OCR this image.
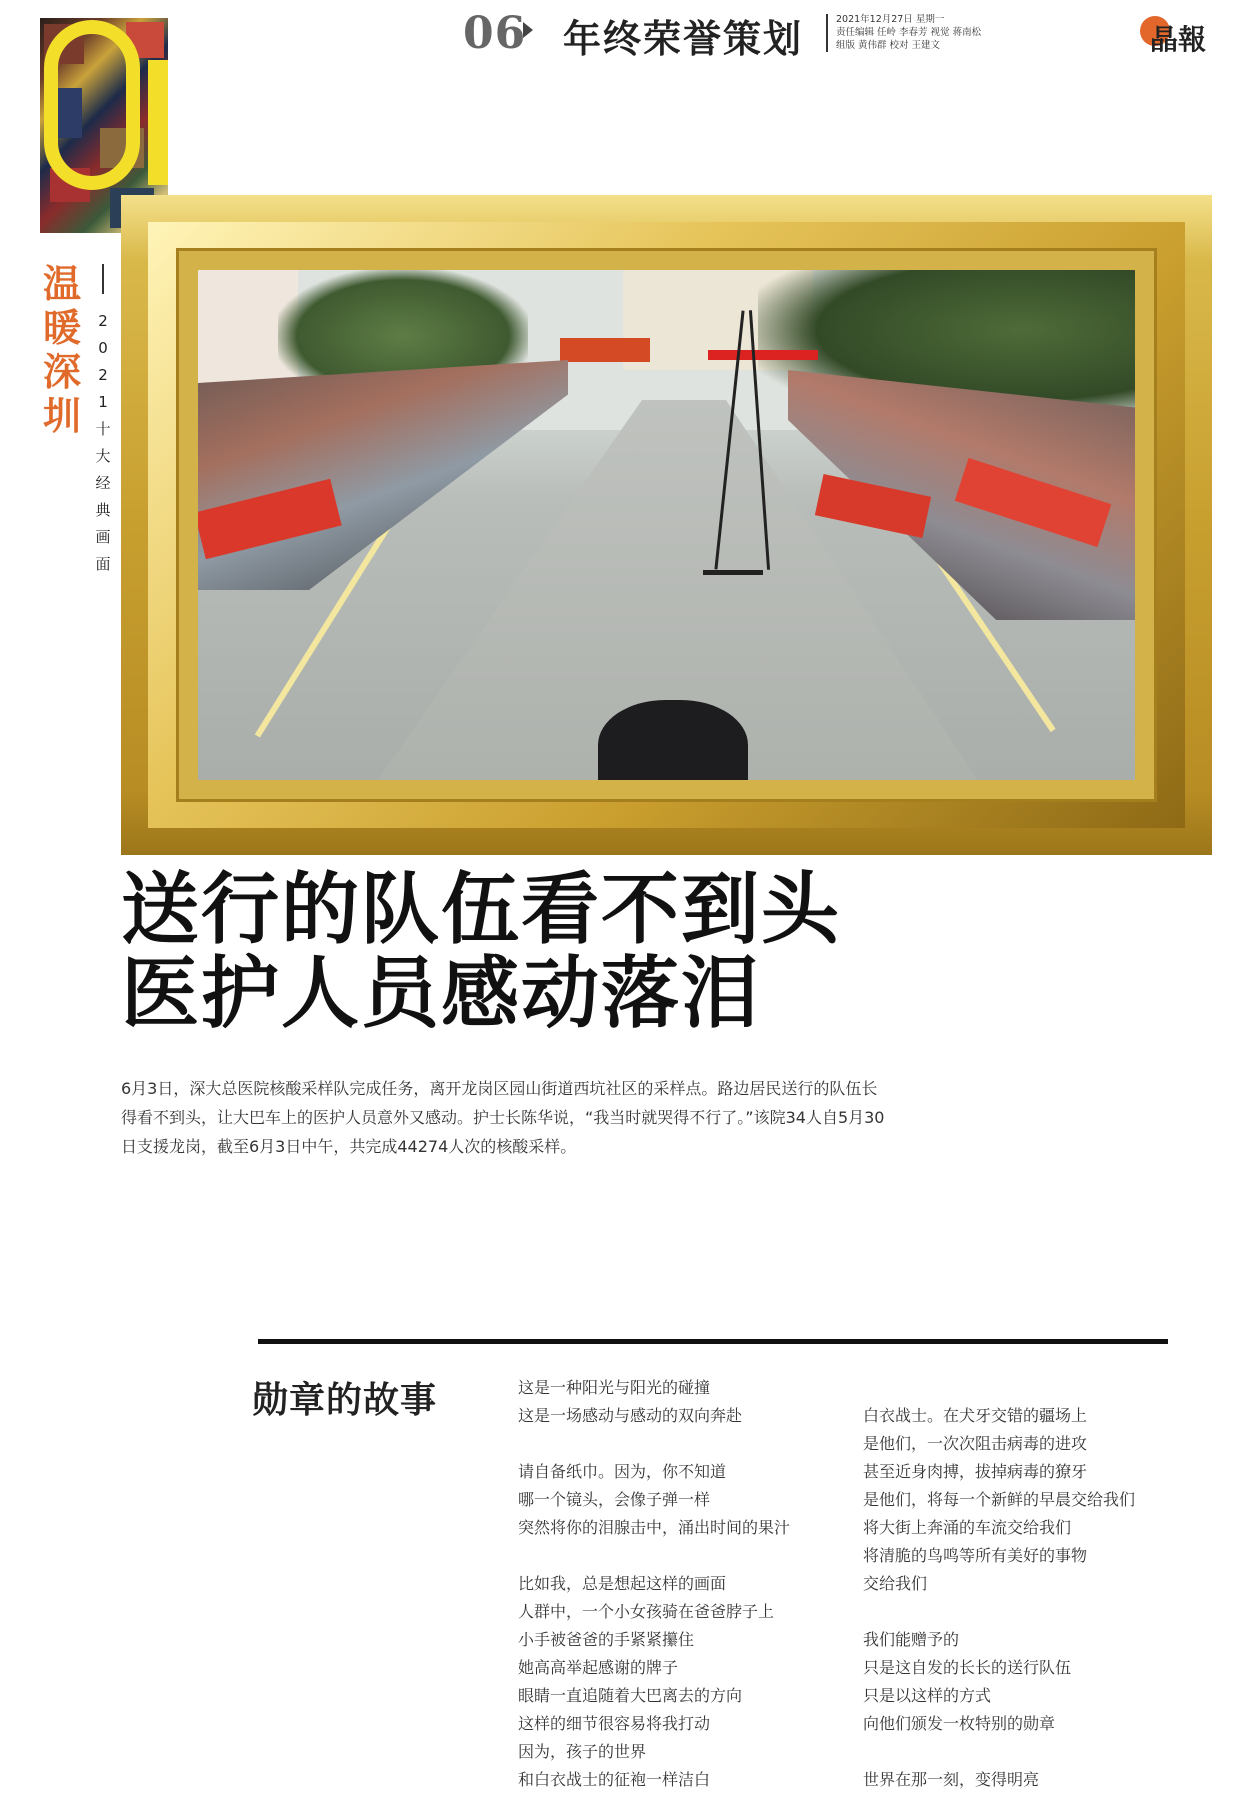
06 年终荣誉策划	2021年12月27日 星期一
责任编辑 任岭 李春芳 视觉 蒋南松
组版 黄伟群 校对 王建文	晶報
温
暖
深
圳
2
0
2
1
十
大
经
典
画
面
送行的队伍看不到头
医护人员感动落泪
6月3日，深大总医院核酸采样队完成任务，离开龙岗区园山街道西坑社区的采样点。路边居民送行的队伍长得看不到头，让大巴车上的医护人员意外又感动。护士长陈华说，“我当时就哭得不行了。”该院34人自5月30日支援龙岗，截至6月3日中午，共完成44274人次的核酸采样。
勋章的故事	这是一种阳光与阳光的碰撞
这是一场感动与感动的双向奔赴

请自备纸巾。因为，你不知道
哪一个镜头，会像子弹一样
突然将你的泪腺击中，涌出时间的果汁

比如我，总是想起这样的画面
人群中，一个小女孩骑在爸爸脖子上
小手被爸爸的手紧紧攥住
她高高举起感谢的牌子
眼睛一直追随着大巴离去的方向
这样的细节很容易将我打动
因为，孩子的世界
和白衣战士的征袍一样洁白
白衣战士。在犬牙交错的疆场上
是他们，一次次阻击病毒的进攻
甚至近身肉搏，拔掉病毒的獠牙
是他们，将每一个新鲜的早晨交给我们
将大街上奔涌的车流交给我们
将清脆的鸟鸣等所有美好的事物
交给我们

我们能赠予的
只是这自发的长长的送行队伍
只是以这样的方式
向他们颁发一枚特别的勋章

世界在那一刻，变得明亮
